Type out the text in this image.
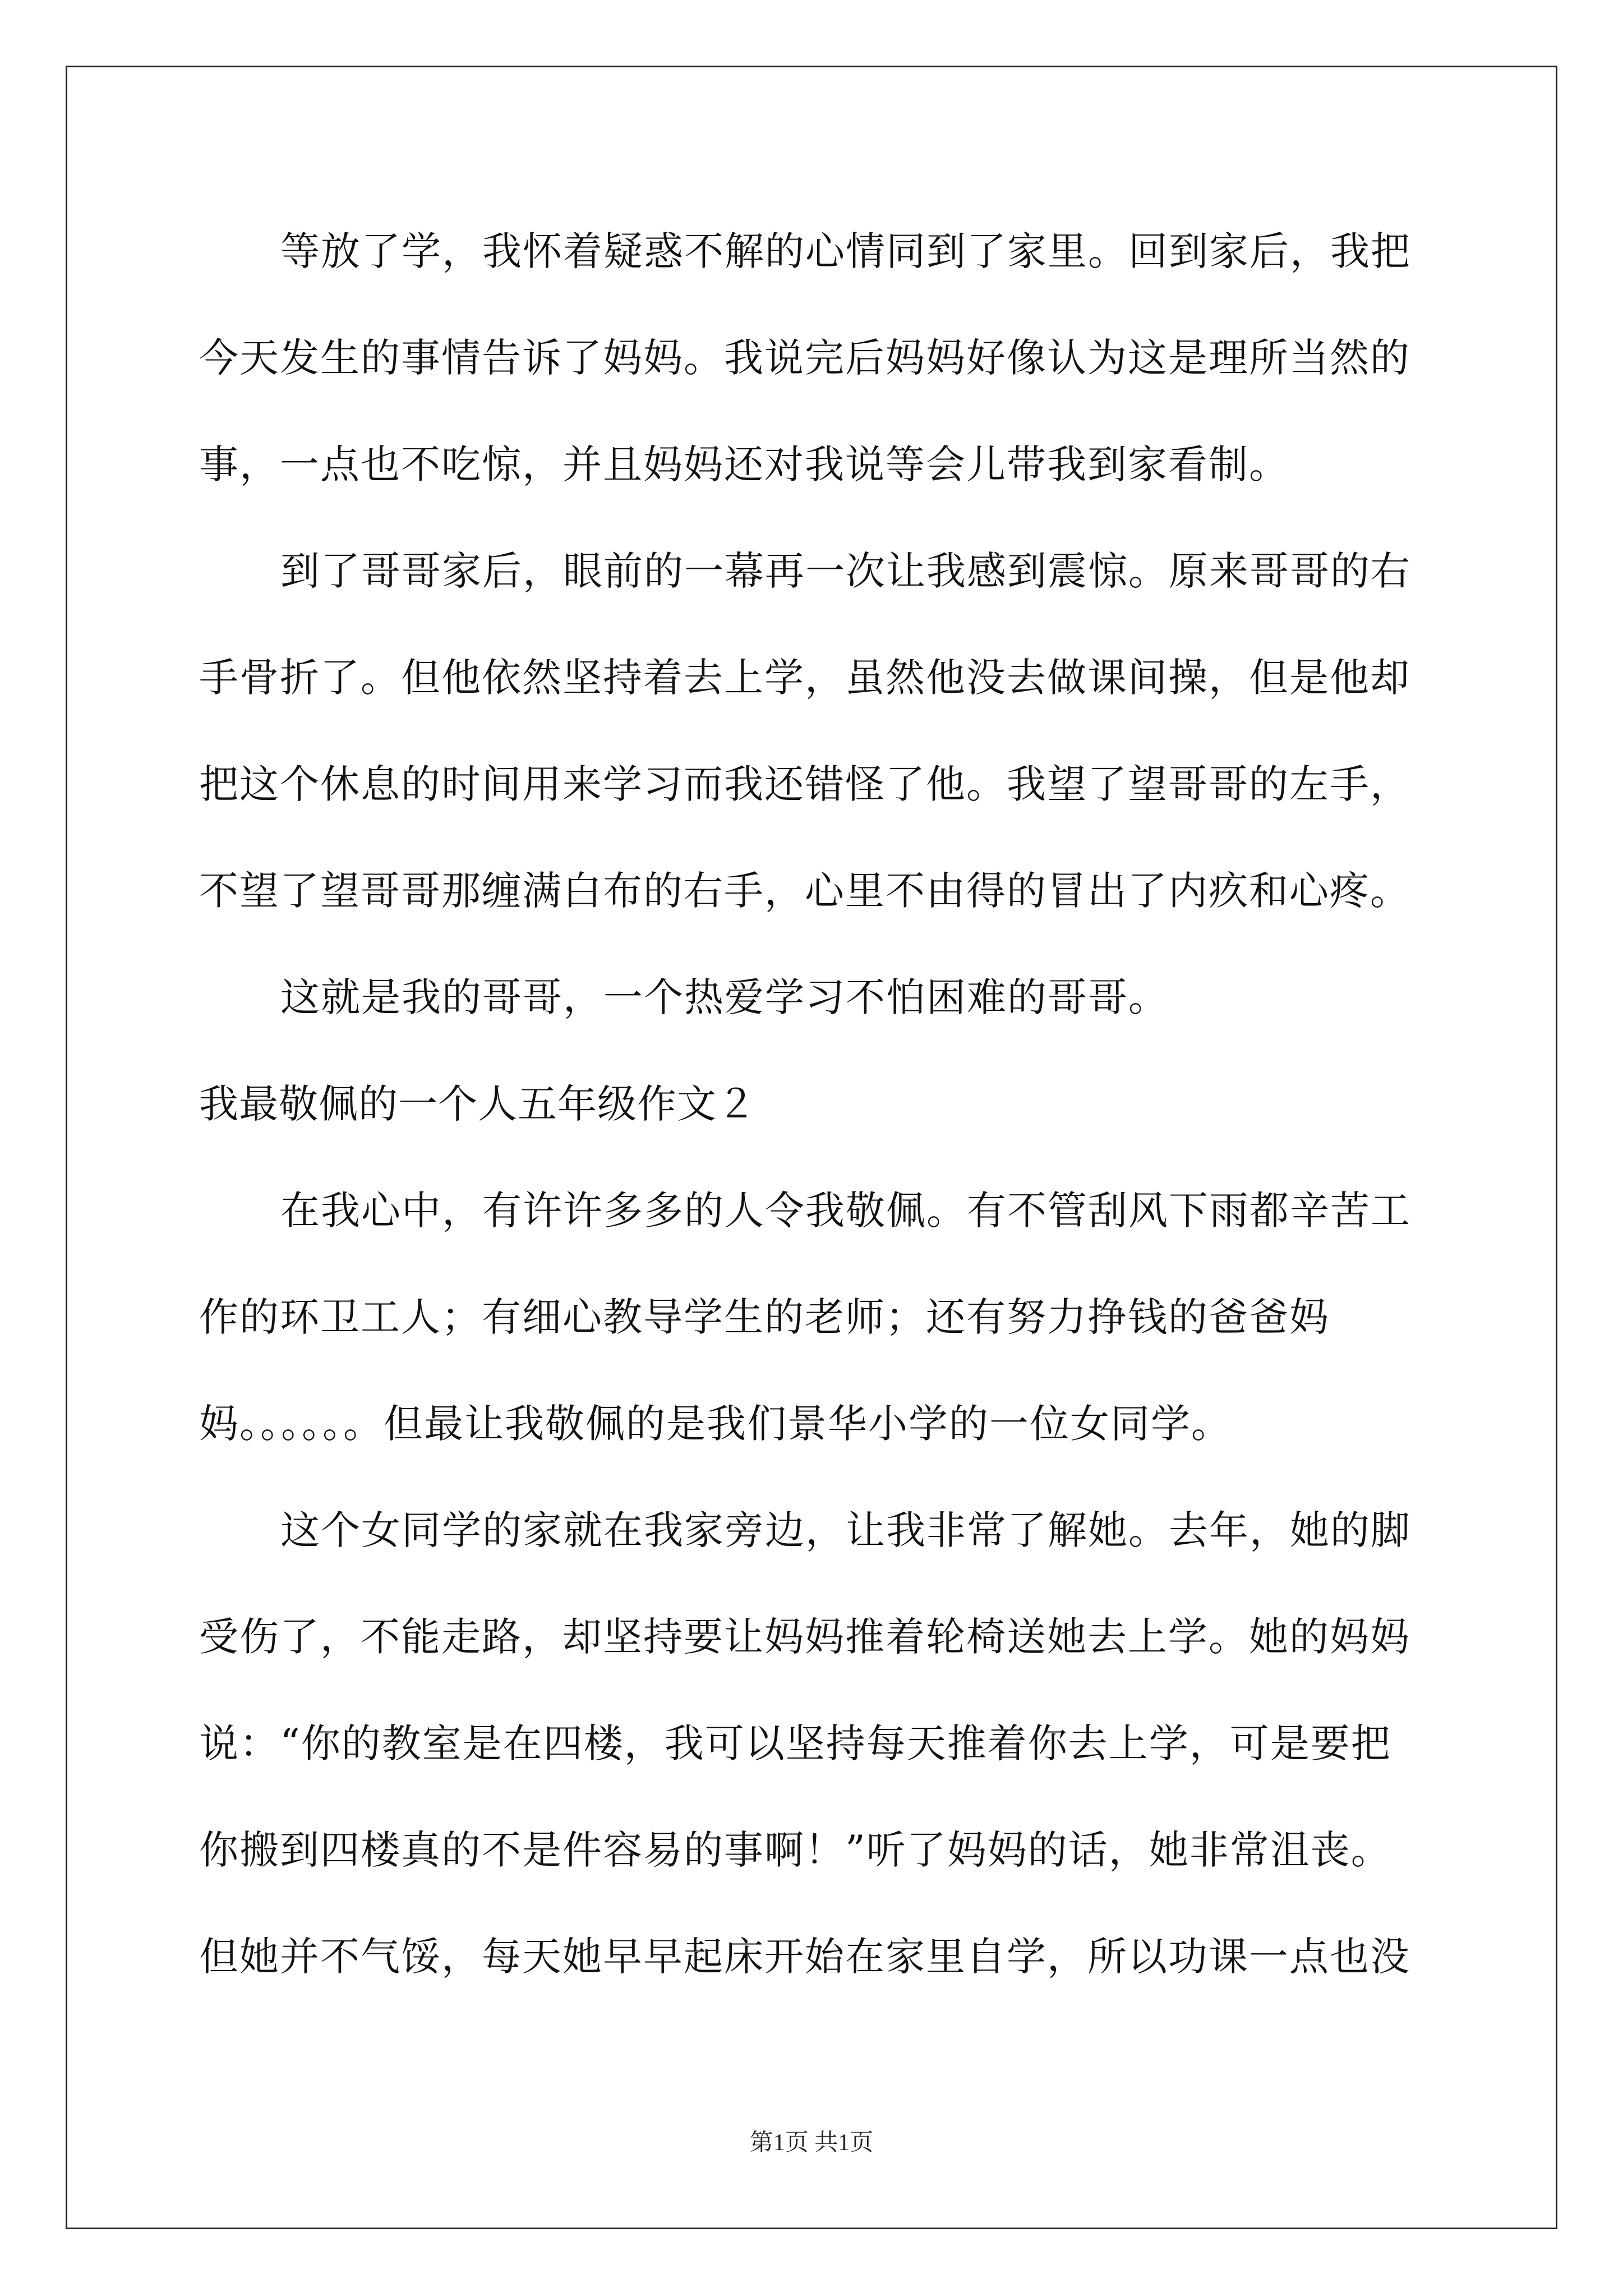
等放了学，我怀着疑惑不解的心情同到了家里。回到家后，我把
今天发生的事情告诉了妈妈。我说完后妈妈好像认为这是理所当然的
事，一点也不吃惊，并且妈妈还对我说等会儿带我到家看制。
到了哥哥家后，眼前的一幕再一次让我感到震惊。原来哥哥的右
手骨折了。但他依然坚持着去上学，虽然他没去做课间操，但是他却
把这个休息的时间用来学习而我还错怪了他。我望了望哥哥的左手，
不望了望哥哥那缠满白布的右手，心里不由得的冒出了内疚和心疼。
这就是我的哥哥，一个热爱学习不怕困难的哥哥。
我最敬佩的一个人五年级作文２
在我心中，有许许多多的人令我敬佩。有不管刮风下雨都辛苦工
作的环卫工人；有细心教导学生的老师；还有努力挣钱的爸爸妈
妈。。。。。。但最让我敬佩的是我们景华小学的一位女同学。
这个女同学的家就在我家旁边，让我非常了解她。去年，她的脚
受伤了，不能走路，却坚持要让妈妈推着轮椅送她去上学。她的妈妈
说：“你的教室是在四楼，我可以坚持每天推着你去上学，可是要把
你搬到四楼真的不是件容易的事啊！”听了妈妈的话，她非常沮丧。
但她并不气馁，每天她早早起床开始在家里自学，所以功课一点也没
第1页 共1页
